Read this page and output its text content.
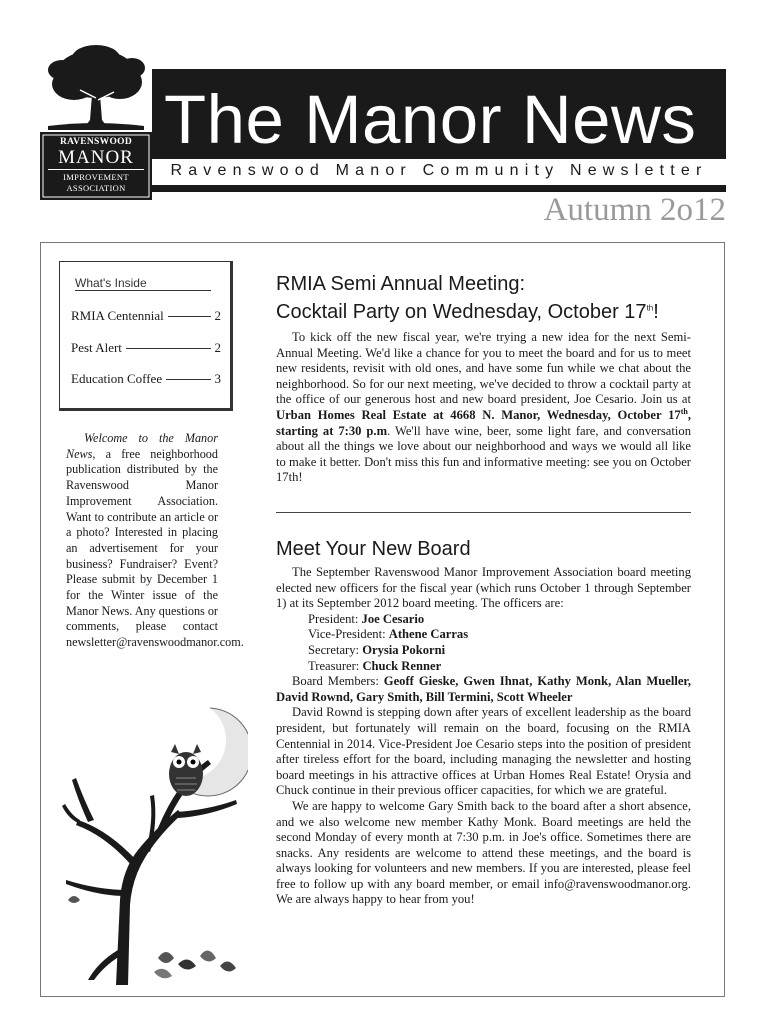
RAVENSWOOD
MANOR
IMPROVEMENT
ASSOCIATION
The Manor News
Ravenswood Manor Community Newsletter
Autumn 2o12
What's Inside
RMIA Centennial	2
Pest Alert	2
Education Coffee	3
Welcome to the Manor News, a free neighborhood publication distributed by the Ravenswood Manor Improvement Association. Want to contribute an article or a photo? Interested in placing an advertisement for your business? Fundraiser? Event? Please submit by December 1 for the Winter issue of the Manor News. Any questions or comments, please contact newsletter@ravenswoodmanor.com.
RMIA Semi Annual Meeting:
Cocktail Party on Wednesday, October 17th!

To kick off the new fiscal year, we're trying a new idea for the next Semi-Annual Meeting. We'd like a chance for you to meet the board and for us to meet new residents, revisit with old ones, and have some fun while we chat about the neighborhood. So for our next meeting, we've decided to throw a cocktail party at the office of our generous host and new board president, Joe Cesario. Join us at Urban Homes Real Estate at 4668 N. Manor, Wednesday, October 17th, starting at 7:30 p.m. We'll have wine, beer, some light fare, and conversation about all the things we love about our neighborhood and ways we would all like to make it better. Don't miss this fun and informative meeting: see you on October 17th!

Meet Your New Board

The September Ravenswood Manor Improvement Association board meeting elected new officers for the fiscal year (which runs October 1 through September 1) at its September 2012 board meeting. The officers are:

President: Joe Cesario

Vice-President: Athene Carras

Secretary: Orysia Pokorni

Treasurer: Chuck Renner

Board Members: Geoff Gieske, Gwen Ihnat, Kathy Monk, Alan Mueller, David Rownd, Gary Smith, Bill Termini, Scott Wheeler

David Rownd is stepping down after years of excellent leadership as the board president, but fortunately will remain on the board, focusing on the RMIA Centennial in 2014. Vice-President Joe Cesario steps into the position of president after tireless effort for the board, including managing the newsletter and hosting board meetings in his attractive offices at Urban Homes Real Estate! Orysia and Chuck continue in their previous officer capacities, for which we are grateful.

We are happy to welcome Gary Smith back to the board after a short absence, and we also welcome new member Kathy Monk. Board meetings are held the second Monday of every month at 7:30 p.m. in Joe's office. Sometimes there are snacks. Any residents are welcome to attend these meetings, and the board is always looking for volunteers and new members. If you are interested, please feel free to follow up with any board member, or email info@ravenswoodmanor.org. We are always happy to hear from you!
